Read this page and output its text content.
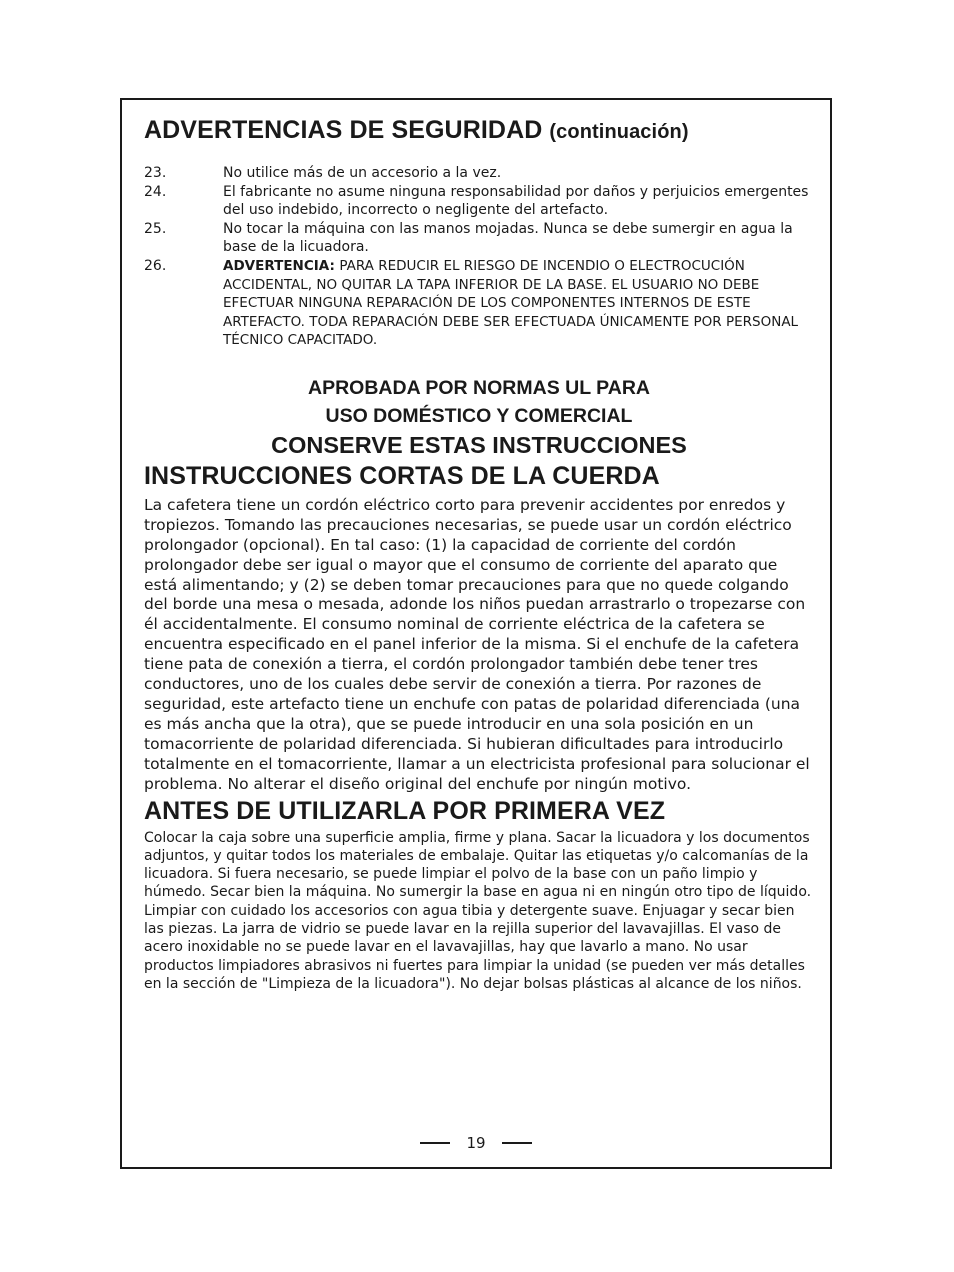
ADVERTENCIAS DE SEGURIDAD (continuación)
23.	No utilice más de un accesorio a la vez.
24.	El fabricante no asume ninguna responsabilidad por daños y perjuicios emergentes del uso indebido, incorrecto o negligente del artefacto.
25.	No tocar la máquina con las manos mojadas. Nunca se debe sumergir en agua la base de la licuadora.
26.	ADVERTENCIA: PARA REDUCIR EL RIESGO DE INCENDIO O ELECTROCUCIÓN ACCIDENTAL, NO QUITAR LA TAPA INFERIOR DE LA BASE. EL USUARIO NO DEBE EFECTUAR NINGUNA REPARACIÓN DE LOS COMPONENTES INTERNOS DE ESTE ARTEFACTO. TODA REPARACIÓN DEBE SER EFECTUADA ÚNICAMENTE POR PERSONAL TÉCNICO CAPACITADO.
APROBADA POR NORMAS UL PARA
USO DOMÉSTICO Y COMERCIAL
CONSERVE ESTAS INSTRUCCIONES
INSTRUCCIONES CORTAS DE LA CUERDA

La cafetera tiene un cordón eléctrico corto para prevenir accidentes por enredos y tropiezos. Tomando las precauciones necesarias, se puede usar un cordón eléctrico prolongador (opcional). En tal caso: (1) la capacidad de corriente del cordón prolongador debe ser igual o mayor que el consumo de corriente del aparato que está alimentando; y (2) se deben tomar precauciones para que no quede colgando del borde una mesa o mesada, adonde los niños puedan arrastrarlo o tropezarse con él accidentalmente. El consumo nominal de corriente eléctrica de la cafetera se encuentra especificado en el panel inferior de la misma. Si el enchufe de la cafetera tiene pata de conexión a tierra, el cordón prolongador también debe tener tres conductores, uno de los cuales debe servir de conexión a tierra. Por razones de seguridad, este artefacto tiene un enchufe con patas de polaridad diferenciada (una es más ancha que la otra), que se puede introducir en una sola posición en un tomacorriente de polaridad diferenciada. Si hubieran dificultades para introducirlo totalmente en el tomacorriente, llamar a un electricista profesional para solucionar el problema. No alterar el diseño original del enchufe por ningún motivo.

ANTES DE UTILIZARLA POR PRIMERA VEZ

Colocar la caja sobre una superficie amplia, firme y plana. Sacar la licuadora y los documentos adjuntos, y quitar todos los materiales de embalaje. Quitar las etiquetas y/o calcomanías de la licuadora. Si fuera necesario, se puede limpiar el polvo de la base con un paño limpio y húmedo. Secar bien la máquina. No sumergir la base en agua ni en ningún otro tipo de líquido. Limpiar con cuidado los accesorios con agua tibia y detergente suave. Enjuagar y secar bien las piezas. La jarra de vidrio se puede lavar en la rejilla superior del lavavajillas. El vaso de acero inoxidable no se puede lavar en el lavavajillas, hay que lavarlo a mano. No usar productos limpiadores abrasivos ni fuertes para limpiar la unidad (se pueden ver más detalles en la sección de "Limpieza de la licuadora"). No dejar bolsas plásticas al alcance de los niños.

19
